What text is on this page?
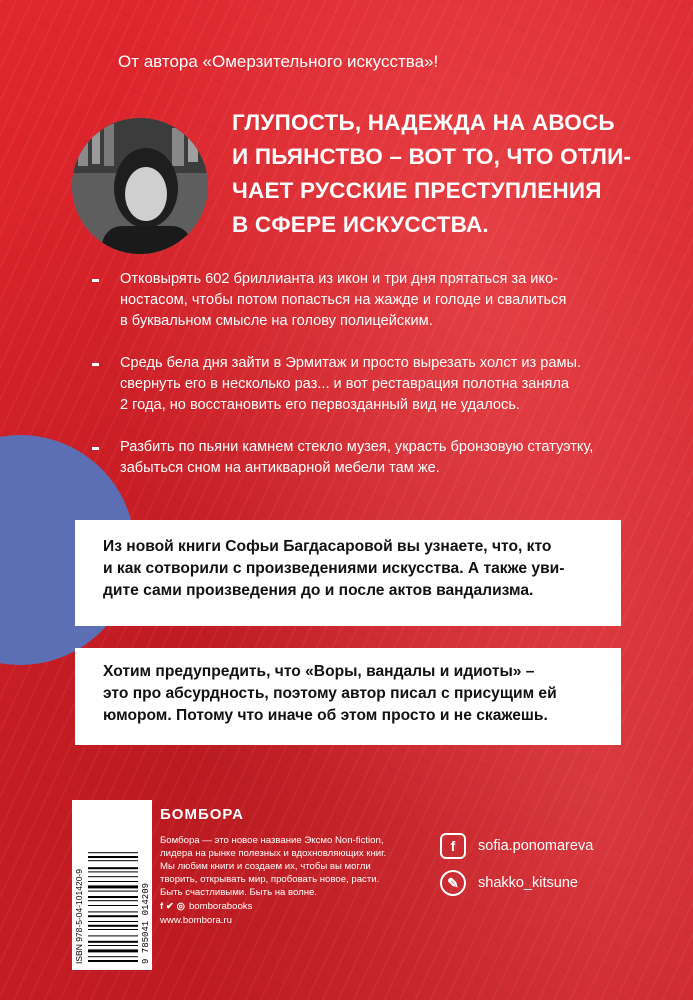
От автора «Омерзительного искусства»!
ГЛУПОСТЬ, НАДЕЖДА НА АВОСЬ
И ПЬЯНСТВО – ВОТ ТО, ЧТО ОТЛИ-
ЧАЕТ РУССКИЕ ПРЕСТУПЛЕНИЯ
В СФЕРЕ ИСКУССТВА.
Отковырять 602 бриллианта из икон и три дня прятаться за ико-
ностасом, чтобы потом попасться на жажде и голоде и свалиться
в буквальном смысле на голову полицейским.
Средь бела дня зайти в Эрмитаж и просто вырезать холст из рамы.
свернуть его в несколько раз... и вот реставрация полотна заняла
2 года, но восстановить его первозданный вид не удалось.
Разбить по пьяни камнем стекло музея, украсть бронзовую статуэтку,
забыться сном на антикварной мебели там же.
Из новой книги Софьи Багдасаровой вы узнаете, что, кто
и как сотворили с произведениями искусства. А также уви-
дите сами произведения до и после актов вандализма.
Хотим предупредить, что «Воры, вандалы и идиоты» –
это про абсурдность, поэтому автор писал с присущим ей
юмором. Потому что иначе об этом просто и не скажешь.
ISBN 978-5-04-101420-9	9 785041 014209
БОМБОРА
Бомбора — это новое название Эксмо Non-fiction,
лидера на рынке полезных и вдохновляющих книг.
Мы любим книги и создаем их, чтобы вы могли
творить, открывать мир, пробовать новое, расти.
Быть счастливыми. Быть на волне.
f ✔ ◎ bomborabooks
www.bombora.ru
f	sofia.ponomareva
✎	shakko_kitsune
